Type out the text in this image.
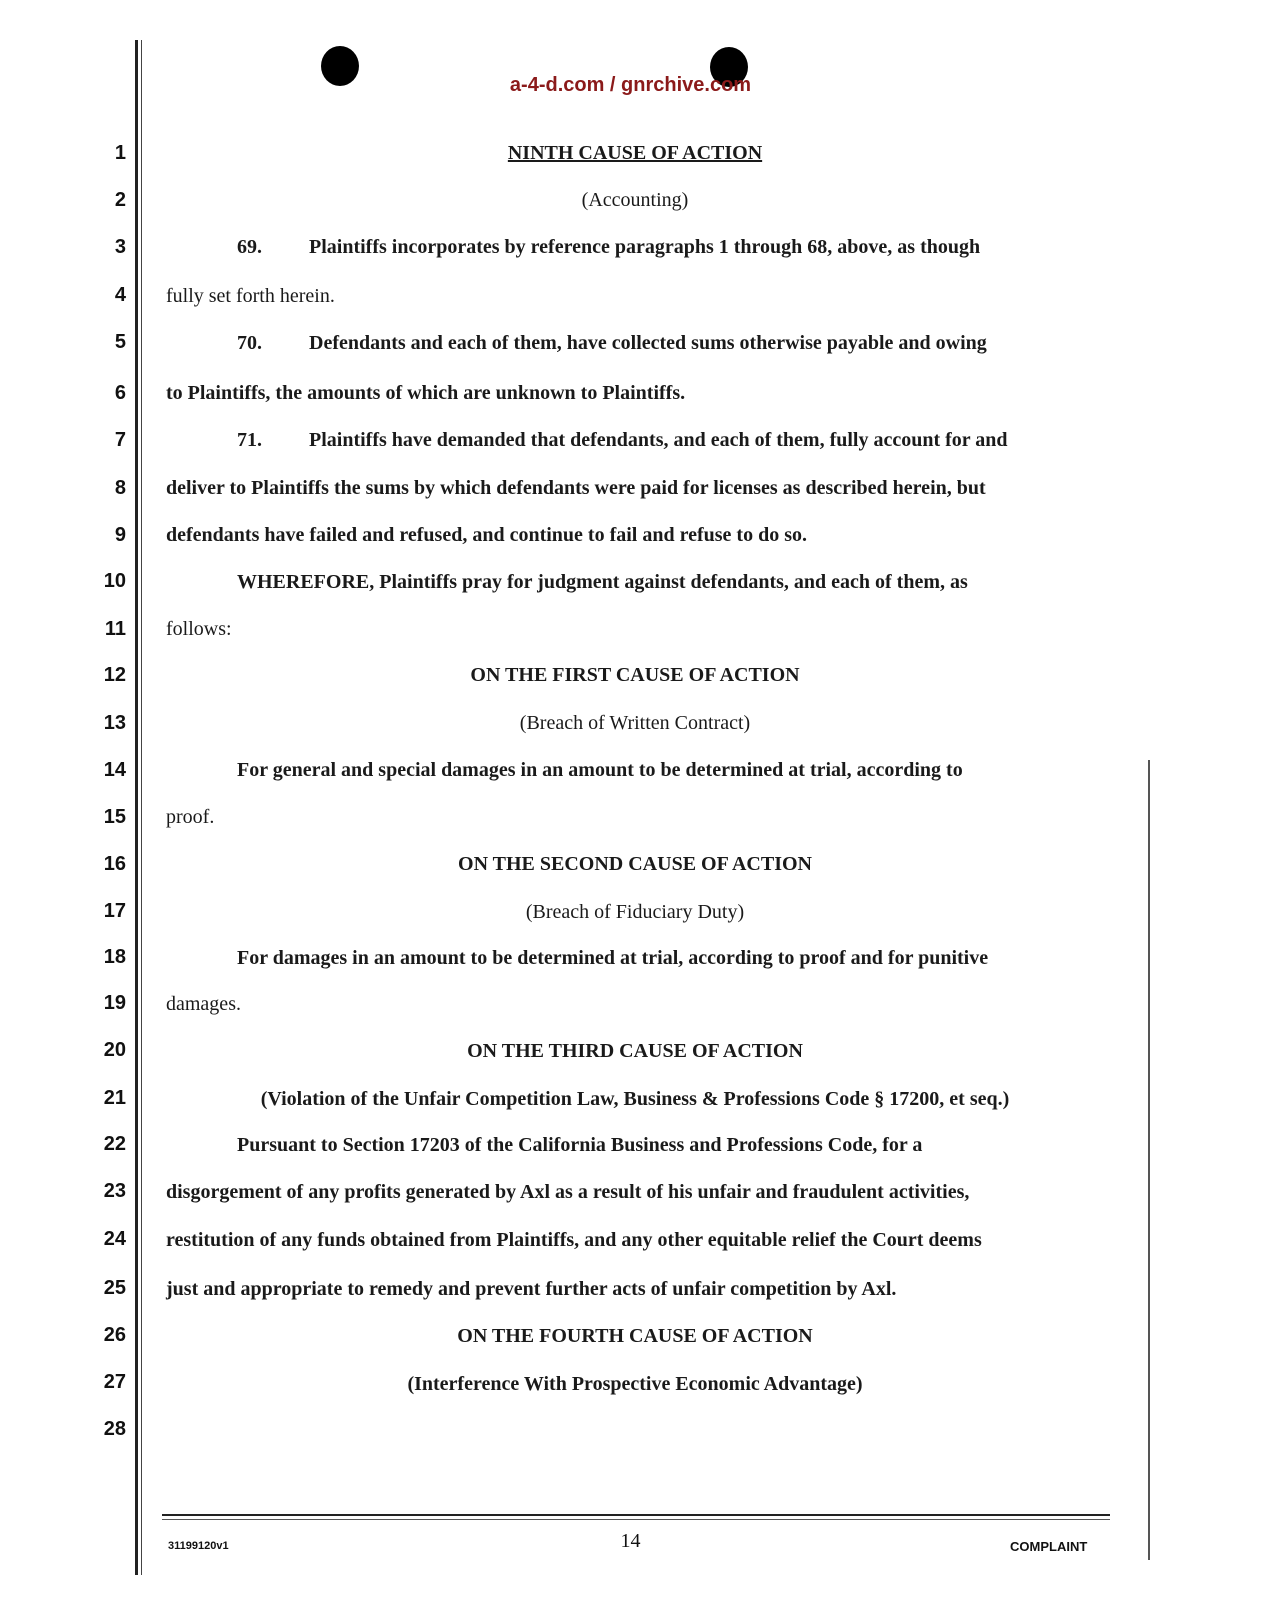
a-4-d.com / gnrchive.com
1
2
3
4
5
6
7
8
9
10
11
12
13
14
15
16
17
18
19
20
21
22
23
24
25
26
27
28
NINTH CAUSE OF ACTION
(Accounting)
69. Plaintiffs incorporates by reference paragraphs 1 through 68, above, as though
fully set forth herein.
70. Defendants and each of them, have collected sums otherwise payable and owing
to Plaintiffs, the amounts of which are unknown to Plaintiffs.
71. Plaintiffs have demanded that defendants, and each of them, fully account for and
deliver to Plaintiffs the sums by which defendants were paid for licenses as described herein, but
defendants have failed and refused, and continue to fail and refuse to do so.
WHEREFORE, Plaintiffs pray for judgment against defendants, and each of them, as
follows:
ON THE FIRST CAUSE OF ACTION
(Breach of Written Contract)
For general and special damages in an amount to be determined at trial, according to
proof.
ON THE SECOND CAUSE OF ACTION
(Breach of Fiduciary Duty)
For damages in an amount to be determined at trial, according to proof and for punitive
damages.
ON THE THIRD CAUSE OF ACTION
(Violation of the Unfair Competition Law, Business & Professions Code § 17200, et seq.)
Pursuant to Section 17203 of the California Business and Professions Code, for a
disgorgement of any profits generated by Axl as a result of his unfair and fraudulent activities,
restitution of any funds obtained from Plaintiffs, and any other equitable relief the Court deems
just and appropriate to remedy and prevent further acts of unfair competition by Axl.
ON THE FOURTH CAUSE OF ACTION
(Interference With Prospective Economic Advantage)
31199120v1	14	COMPLAINT
